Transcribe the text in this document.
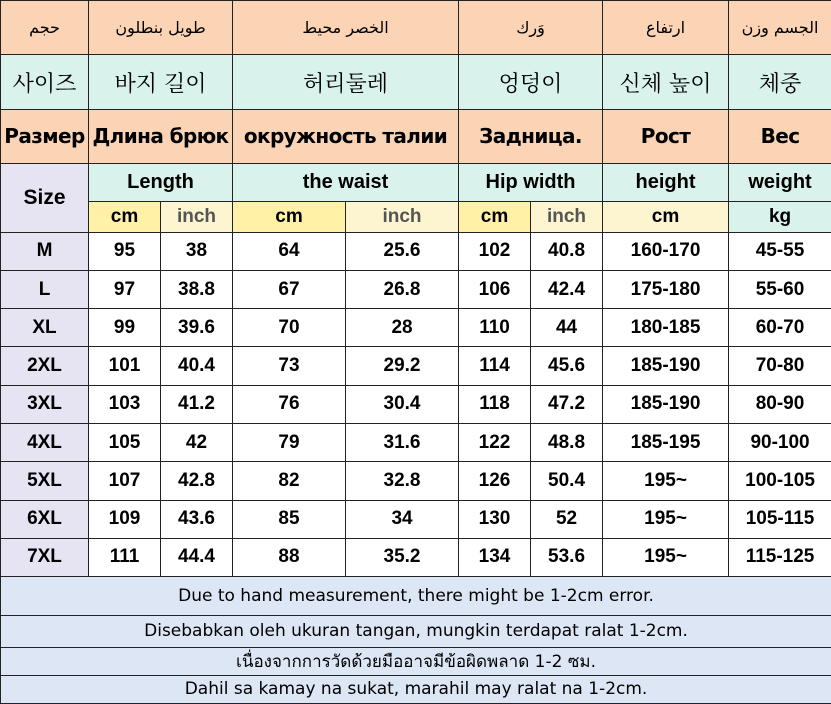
حجم	طويل بنطلون		الخصر محيط		وَرك		ارتفاع	الجسم وزن
사이즈	바지 길이		허리둘레		엉덩이		신체 높이	체중
Размер	Длина брюк		окружность талии		Задница.		Рост	Вес
Size	Length		the waist		Hip width		height	weight
	cm	inch	cm	inch	cm	inch	cm	kg
M	95	38	64	25.6	102	40.8	160-170	45-55
L	97	38.8	67	26.8	106	42.4	175-180	55-60
XL	99	39.6	70	28	110	44	180-185	60-70
2XL	101	40.4	73	29.2	114	45.6	185-190	70-80
3XL	103	41.2	76	30.4	118	47.2	185-190	80-90
4XL	105	42	79	31.6	122	48.8	185-195	90-100
5XL	107	42.8	82	32.8	126	50.4	195~	100-105
6XL	109	43.6	85	34	130	52	195~	105-115
7XL	111	44.4	88	35.2	134	53.6	195~	115-125
Due to hand measurement, there might be 1-2cm error.								
Disebabkan oleh ukuran tangan, mungkin terdapat ralat 1-2cm.								
เนื่องจากการวัดด้วยมืออาจมีข้อผิดพลาด 1-2 ซม.								
Dahil sa kamay na sukat, marahil may ralat na 1-2cm.								
